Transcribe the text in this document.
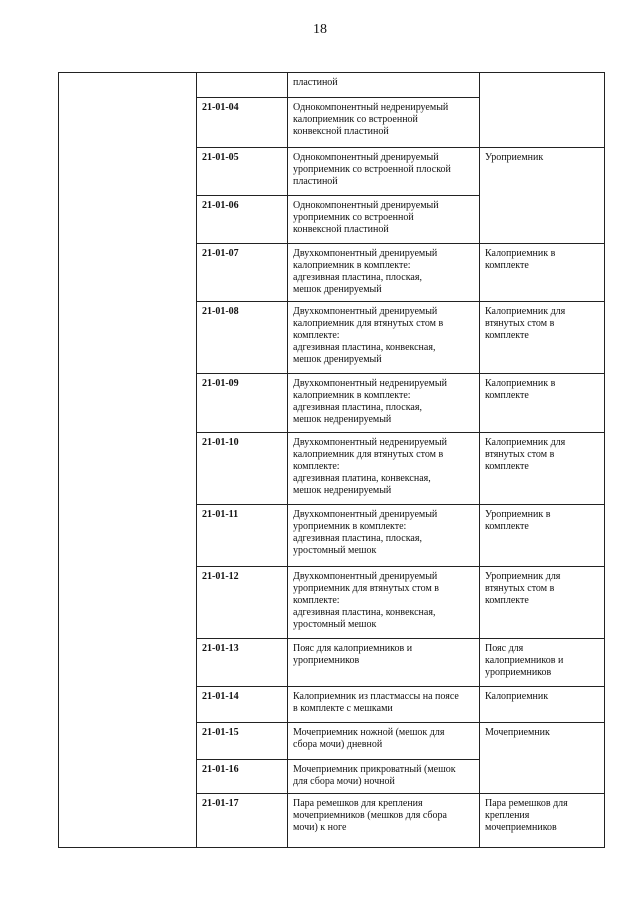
18

		пластиной	

	21-01-04	Однокомпонентный недренируемый
калоприемник со встроенной
конвексной пластиной	

	21-01-05	Однокомпонентный дренируемый
уроприемник со встроенной плоской
пластиной	Уроприемник

	21-01-06	Однокомпонентный дренируемый
уроприемник со встроенной
конвексной пластиной	

	21-01-07	Двухкомпонентный дренируемый
калоприемник в комплекте:
адгезивная пластина, плоская,
мешок дренируемый	Калоприемник в
комплекте

	21-01-08	Двухкомпонентный дренируемый
калоприемник для втянутых стом в
комплекте:
адгезивная пластина, конвексная,
мешок дренируемый	Калоприемник для
втянутых стом в
комплекте

	21-01-09	Двухкомпонентный недренируемый
калоприемник в комплекте:
адгезивная пластина, плоская,
мешок недренируемый	Калоприемник в
комплекте

	21-01-10	Двухкомпонентный недренируемый
калоприемник для втянутых стом в
комплекте:
адгезивная платина, конвексная,
мешок недренируемый	Калоприемник для
втянутых стом в
комплекте

	21-01-11	Двухкомпонентный дренируемый
уроприемник в комплекте:
адгезивная пластина, плоская,
уростомный мешок	Уроприемник в
комплекте

	21-01-12	Двухкомпонентный дренируемый
уроприемник для втянутых стом в
комплекте:
адгезивная пластина, конвексная,
уростомный мешок	Уроприемник для
втянутых стом в
комплекте

	21-01-13	Пояс для калоприемников и
уроприемников	Пояс для
калоприемников и
уроприемников

	21-01-14	Калоприемник из пластмассы на поясе
в комплекте с мешками	Калоприемник

	21-01-15	Мочеприемник ножной (мешок для
сбора мочи) дневной	Мочеприемник

	21-01-16	Мочеприемник прикроватный (мешок
для сбора мочи) ночной	

	21-01-17	Пара ремешков для крепления
мочеприемников (мешков для сбора
мочи) к ноге	Пара ремешков для
крепления
мочеприемников
